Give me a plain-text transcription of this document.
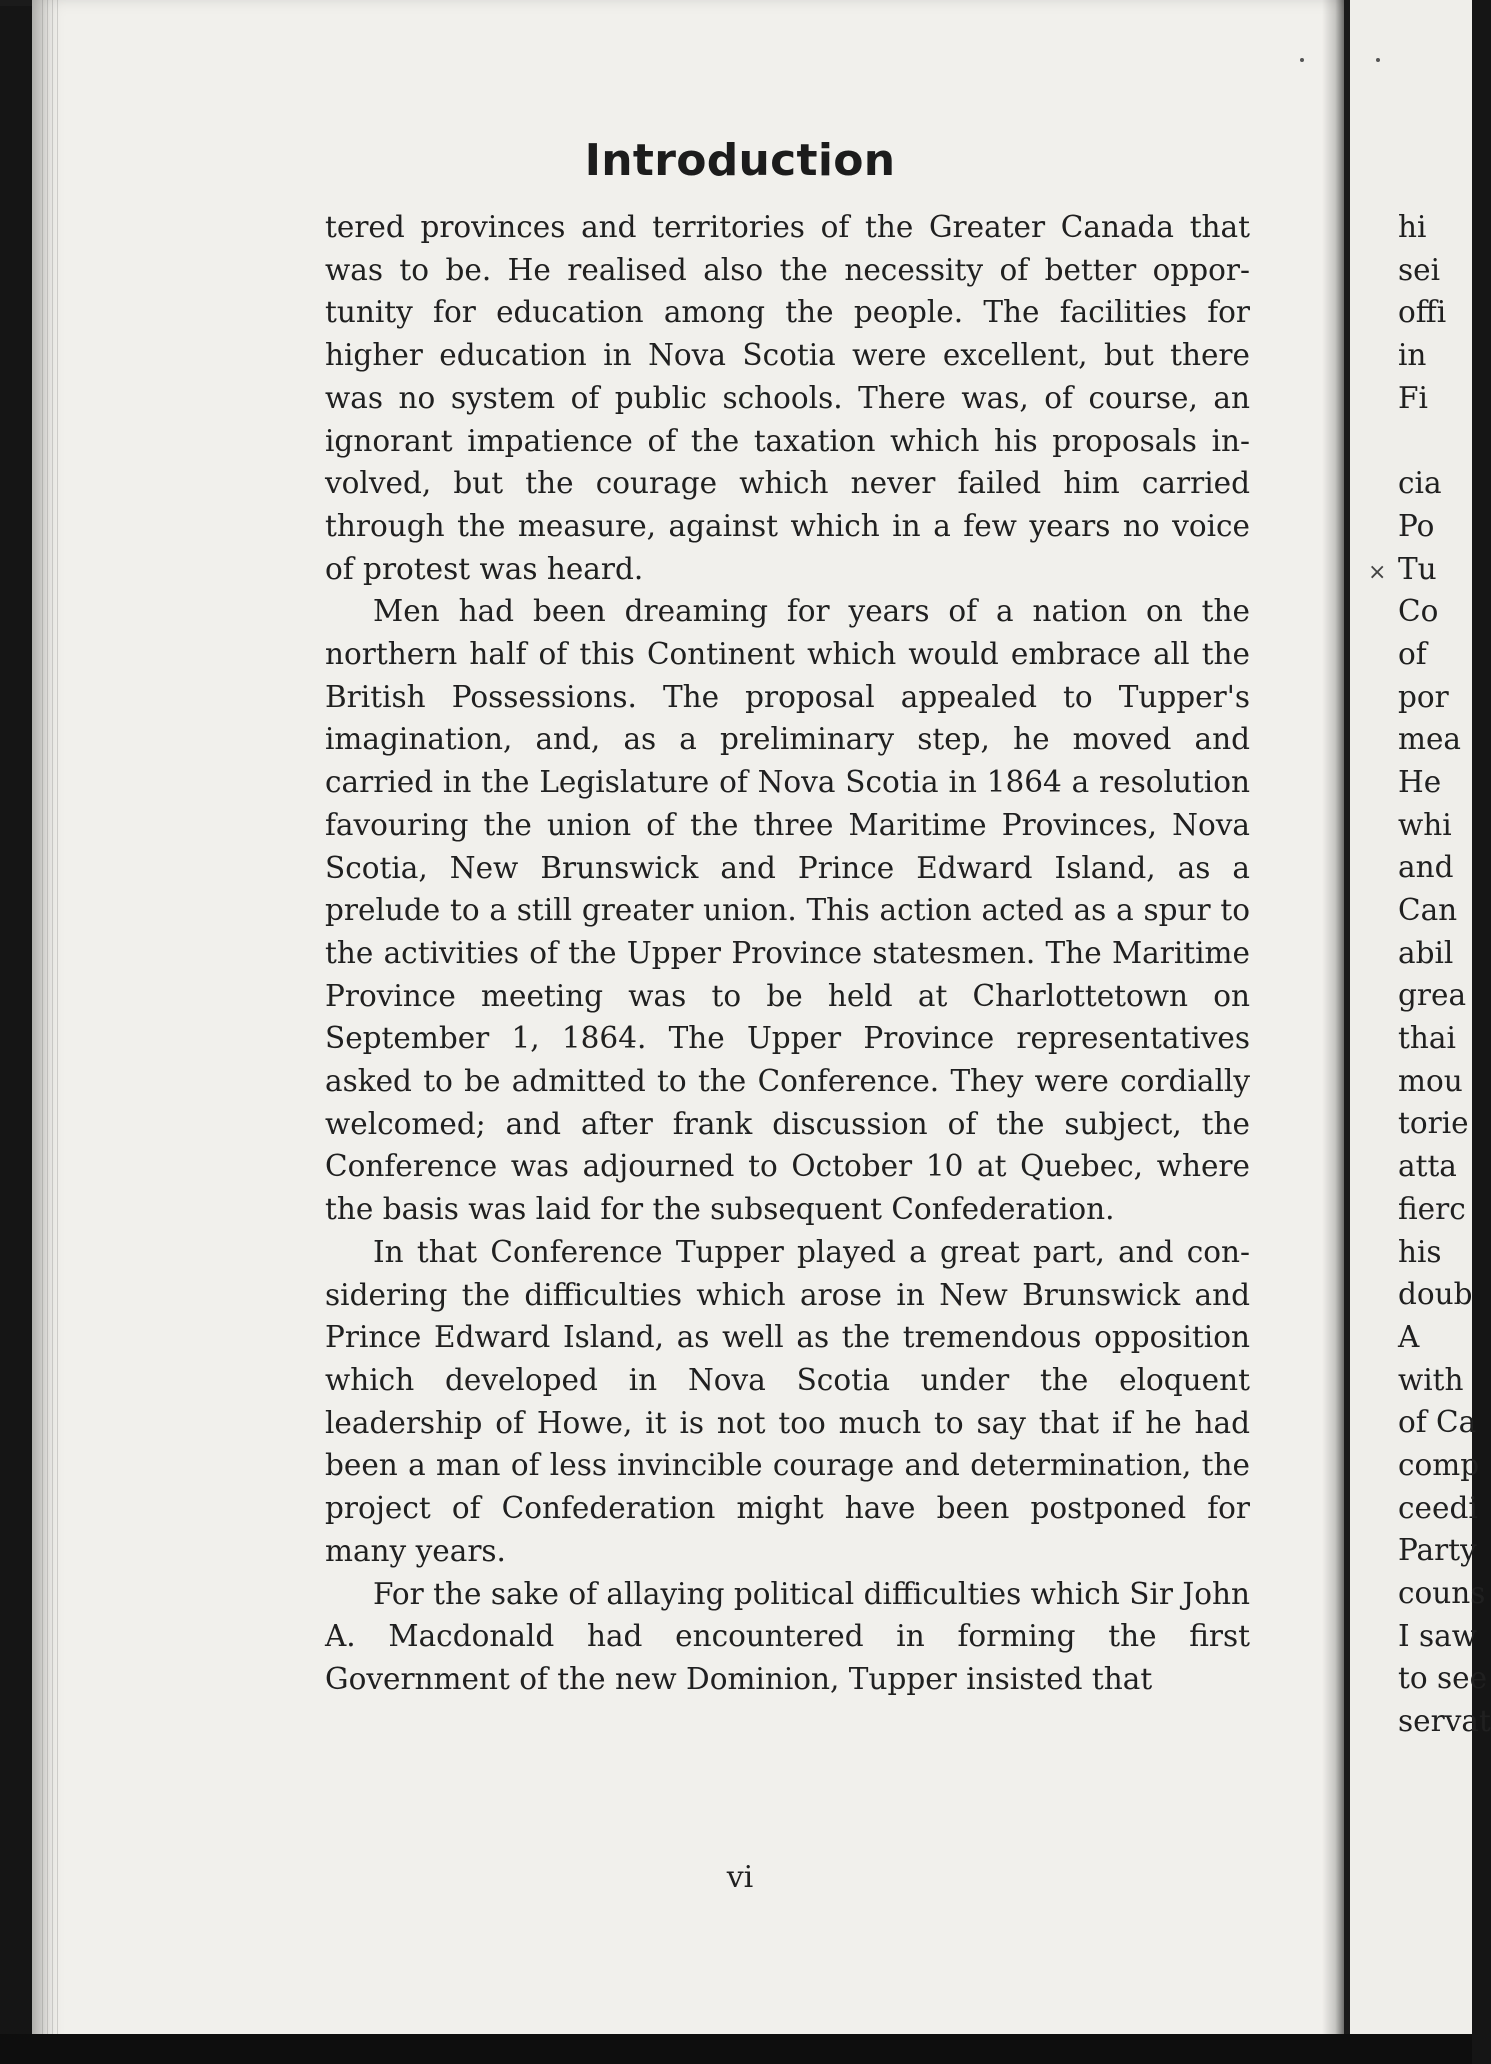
Introduction

tered provinces and territories of the Greater Canada that was to be. He realised also the necessity of better opportunity for education among the people. The facilities for higher education in Nova Scotia were excellent, but there was no system of public schools. There was, of course, an ignorant impatience of the taxation which his proposals involved, but the courage which never failed him carried through the measure, against which in a few years no voice of protest was heard.

Men had been dreaming for years of a nation on the northern half of this Continent which would embrace all the British Possessions. The proposal appealed to Tupper's imagination, and, as a preliminary step, he moved and carried in the Legislature of Nova Scotia in 1864 a resolution favouring the union of the three Maritime Provinces, Nova Scotia, New Brunswick and Prince Edward Island, as a prelude to a still greater union. This action acted as a spur to the activities of the Upper Province statesmen. The Maritime Province meeting was to be held at Charlottetown on September 1, 1864. The Upper Province representatives asked to be admitted to the Conference. They were cordially welcomed; and after frank discussion of the subject, the Conference was adjourned to October 10 at Quebec, where the basis was laid for the subsequent Confederation.

In that Conference Tupper played a great part, and considering the difficulties which arose in New Brunswick and Prince Edward Island, as well as the tremendous opposition which developed in Nova Scotia under the eloquent leadership of Howe, it is not too much to say that if he had been a man of less invincible courage and determination, the project of Confederation might have been postponed for many years.

For the sake of allaying political difficulties which Sir John A. Macdonald had encountered in forming the first Government of the new Dominion, Tupper insisted that

vi
×
hi
sei
offi
in
Fi
cia
Po
Tu
Co
of
por
mea
He
whi
and
Can
abil
grea
thai
mou
torie
atta
fierc
his
doub
A
with
of Ca
comp
ceedi
Party
couns
I saw
to see
servat
